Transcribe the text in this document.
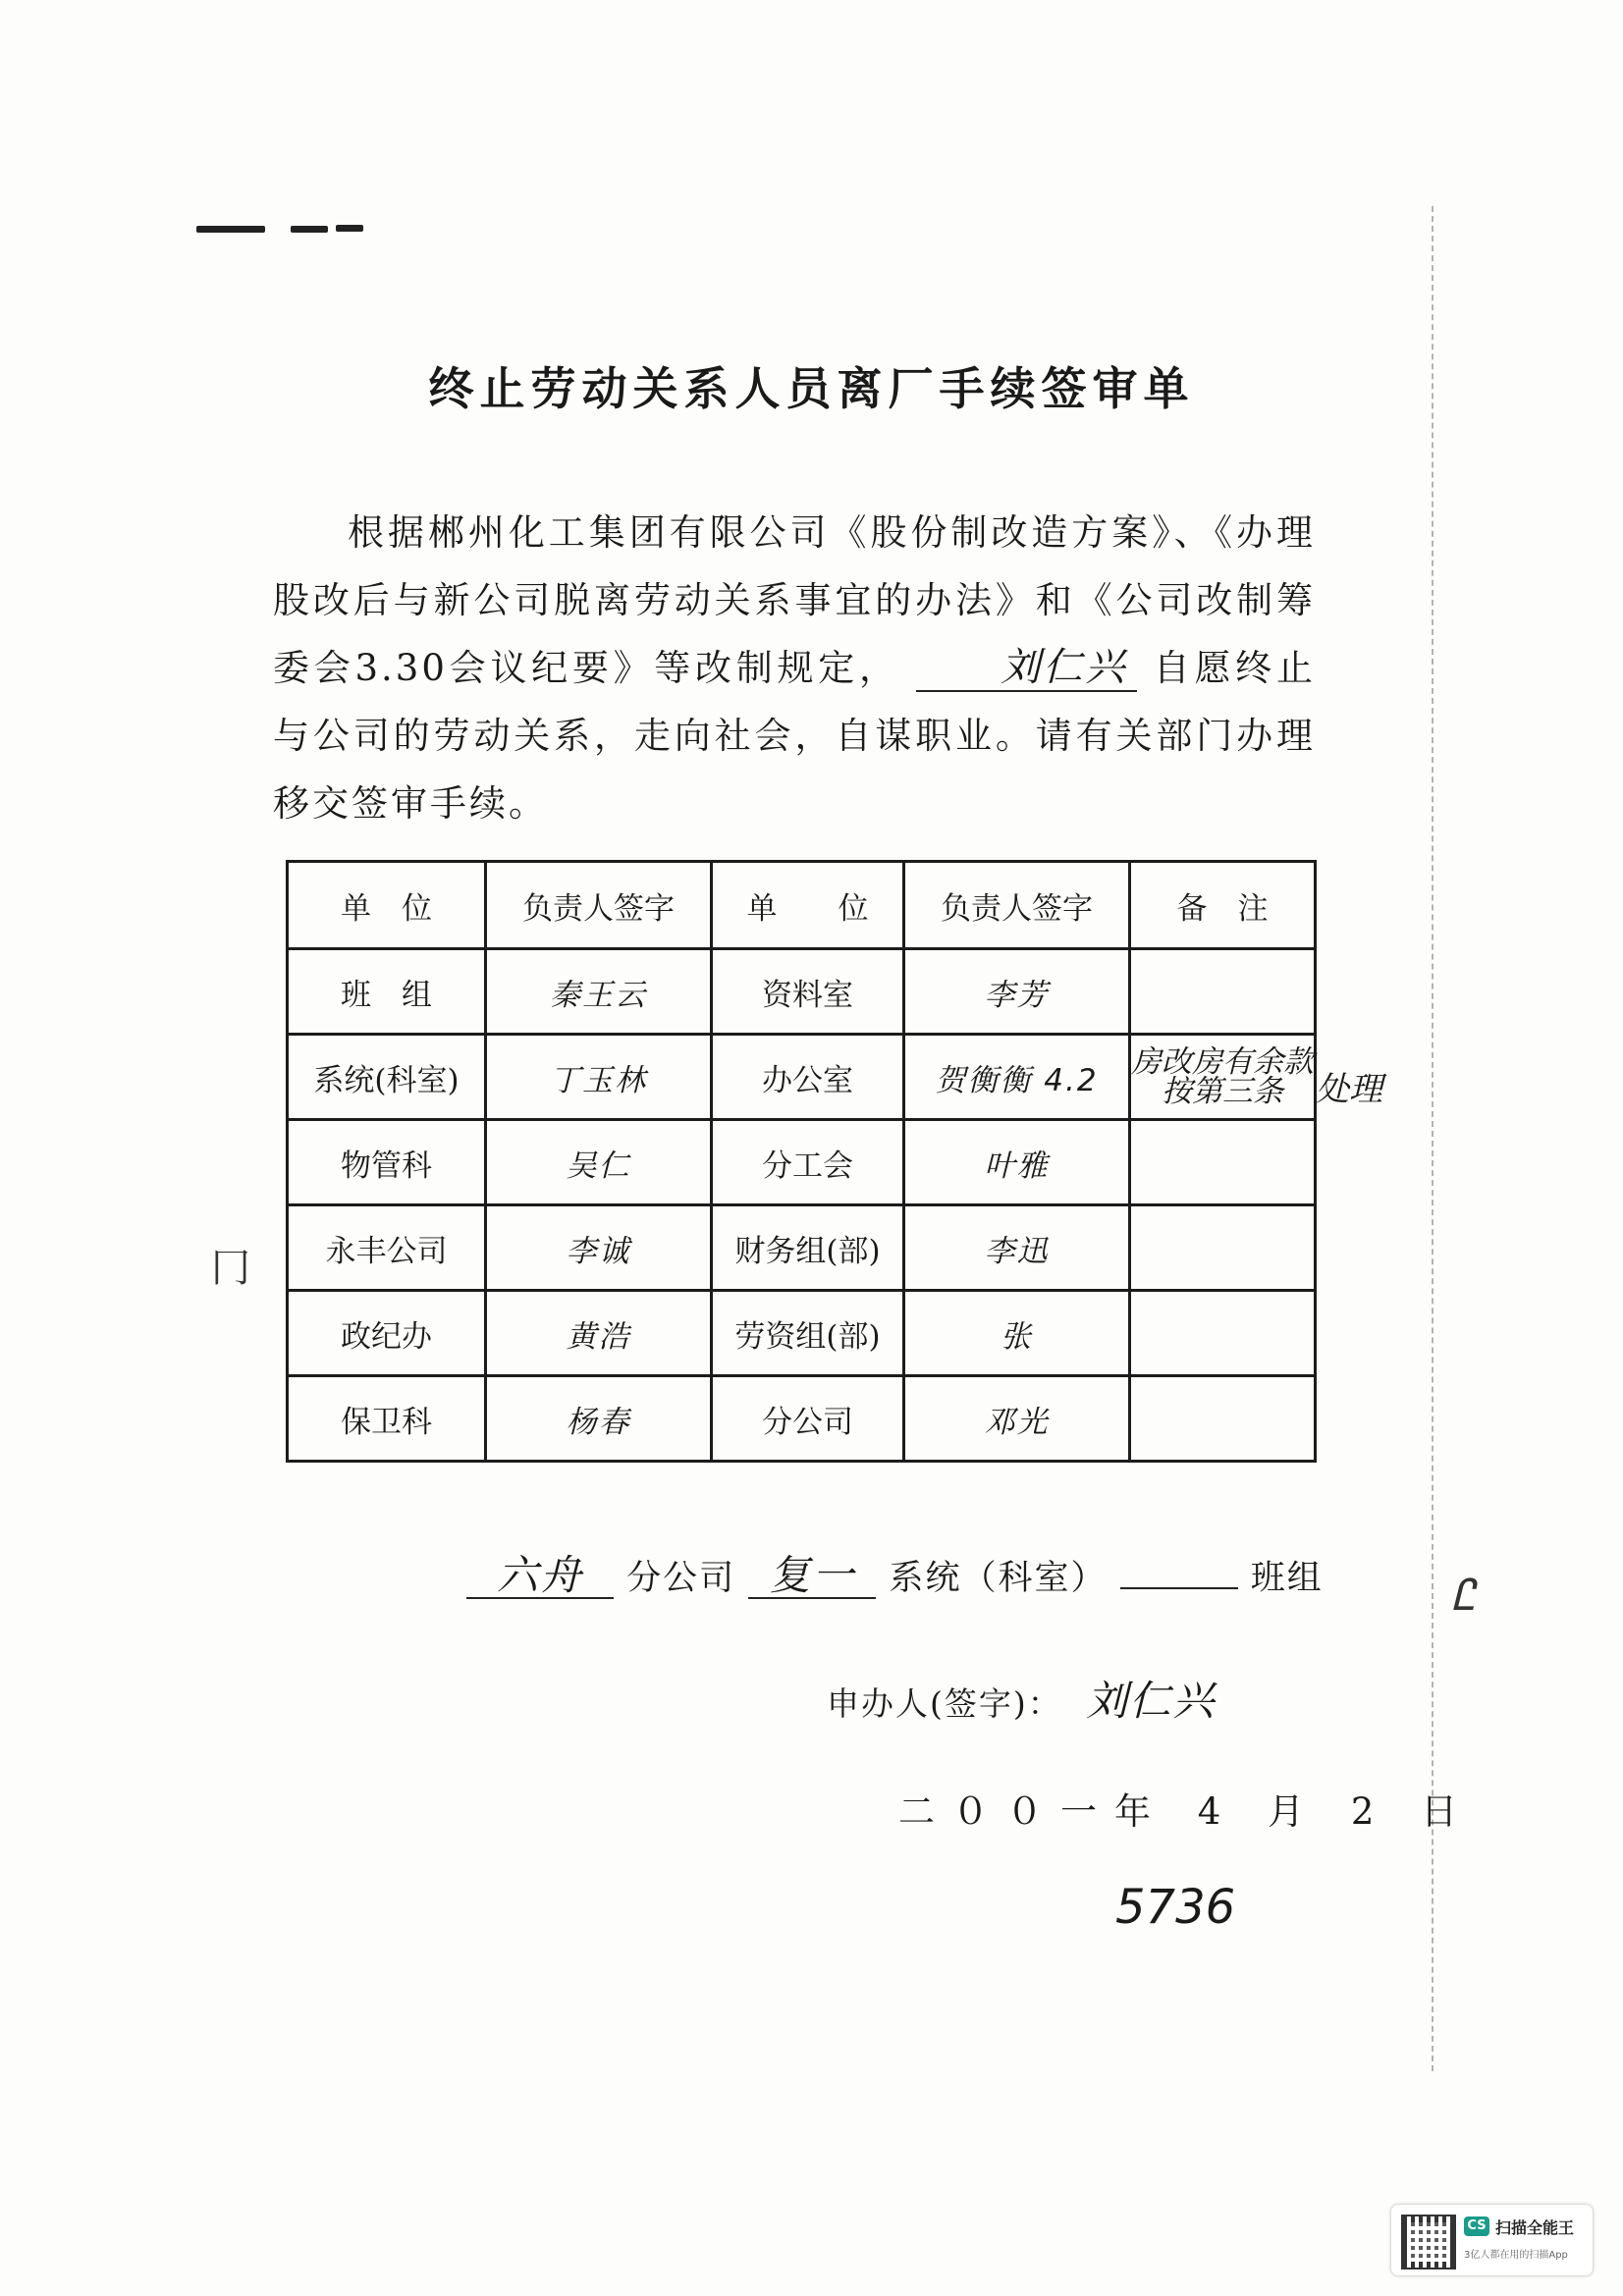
终止劳动关系人员离厂手续签审单
根据郴州化工集团有限公司《股份制改造方案》、《办理股改后与新公司脱离劳动关系事宜的办法》和《公司改制筹委会3.30会议纪要》等改制规定，	刘仁兴 自愿终止与公司的劳动关系，走向社会，自谋职业。请有关部门办理移交签审手续。
单　位	负责人签字	单　　位	负责人签字	备　注
班　组	秦王云	资料室	李芳	
系统(科室)	丁玉林	办公室	贺衡衡 4.2	房改房有余款 按第三条
物管科	吴仁	分工会	叶雅	
永丰公司	李诚	财务组(部)	李迅	
政纪办	黄浩	劳资组(部)	张	
保卫科	杨春	分公司	邓光	
处理
冂
Ꮭ
六舟 分公司 复一 系统（科室）	班组
申办人(签字)： 刘仁兴
二００一年 4 月 2 日
5736
CS 扫描全能王
3亿人都在用的扫描App
